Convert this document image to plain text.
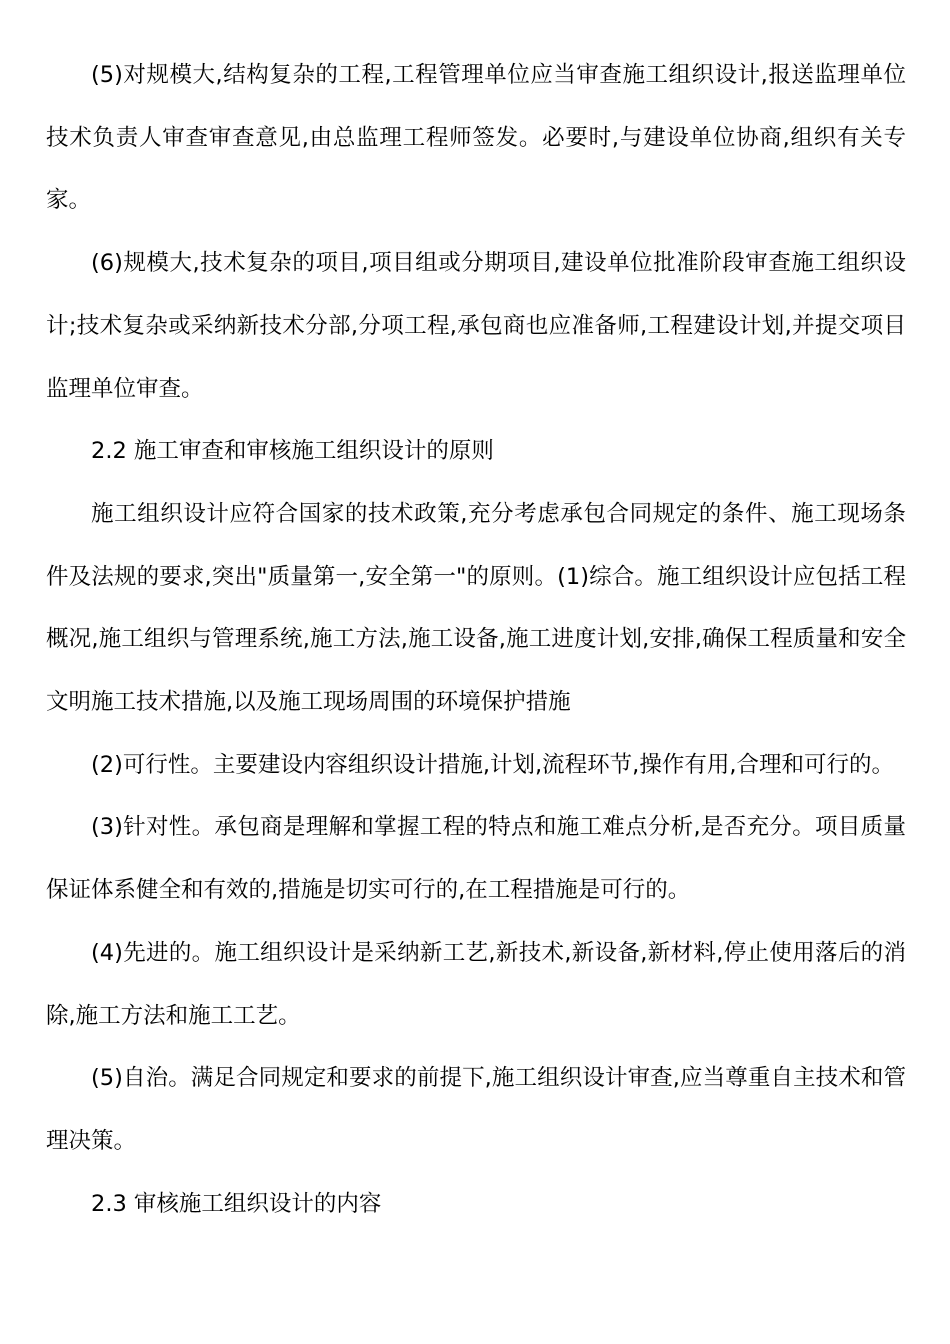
(5)对规模大,结构复杂的工程,工程管理单位应当审查施工组织设计,报送监理单位技术负责人审查审查意见,由总监理工程师签发。必要时,与建设单位协商,组织有关专家。

(6)规模大,技术复杂的项目,项目组或分期项目,建设单位批准阶段审查施工组织设计;技术复杂或采纳新技术分部,分项工程,承包商也应准备师,工程建设计划,并提交项目监理单位审查。

2.2 施工审查和审核施工组织设计的原则

施工组织设计应符合国家的技术政策,充分考虑承包合同规定的条件、施工现场条件及法规的要求,突出"质量第一,安全第一"的原则。(1)综合。施工组织设计应包括工程概况,施工组织与管理系统,施工方法,施工设备,施工进度计划,安排,确保工程质量和安全文明施工技术措施,以及施工现场周围的环境保护措施

(2)可行性。主要建设内容组织设计措施,计划,流程环节,操作有用,合理和可行的。

(3)针对性。承包商是理解和掌握工程的特点和施工难点分析,是否充分。项目质量保证体系健全和有效的,措施是切实可行的,在工程措施是可行的。

(4)先进的。施工组织设计是采纳新工艺,新技术,新设备,新材料,停止使用落后的消除,施工方法和施工工艺。

(5)自治。满足合同规定和要求的前提下,施工组织设计审查,应当尊重自主技术和管理决策。

2.3 审核施工组织设计的内容
